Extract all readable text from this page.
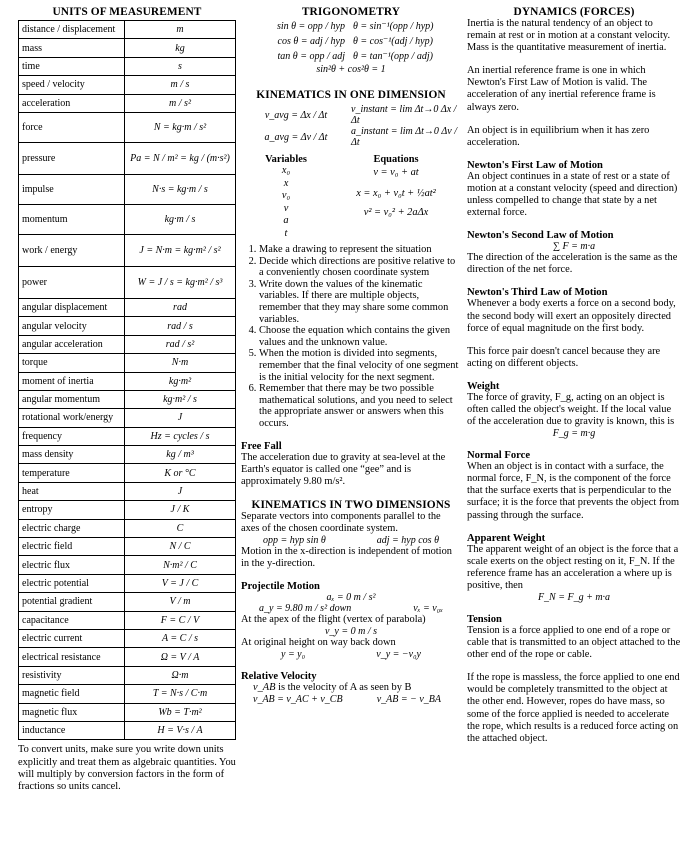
UNITS OF MEASUREMENT
distance / displacement	m
mass	kg
time	s
speed / velocity	m / s
acceleration	m / s²
force	N = kg·m / s²
pressure	Pa = N / m² = kg / (m·s²)
impulse	N·s = kg·m / s
momentum	kg·m / s
work / energy	J = N·m = kg·m² / s²
power	W = J / s = kg·m² / s³
angular displacement	rad
angular velocity	rad / s
angular acceleration	rad / s²
torque	N·m
moment of inertia	kg·m²
angular momentum	kg·m² / s
rotational work/energy	J
frequency	Hz = cycles / s
mass density	kg / m³
temperature	K or °C
heat	J
entropy	J / K
electric charge	C
electric field	N / C
electric flux	N·m² / C
electric potential	V = J / C
potential gradient	V / m
capacitance	F = C / V
electric current	A = C / s
electrical resistance	Ω = V / A
resistivity	Ω·m
magnetic field	T = N·s / C·m
magnetic flux	Wb = T·m²
inductance	H = V·s / A

To convert units, make sure you write down units explicitly and treat them as algebraic quantities. You will multiply by conversion factors in the form of fractions so units cancel.

TRIGONOMETRY
sin θ = opp / hyp θ = sin⁻¹(opp / hyp)
cos θ = adj / hyp θ = cos⁻¹(adj / hyp)
tan θ = opp / adj θ = tan⁻¹(opp / adj)
sin²θ + cos²θ = 1
KINEMATICS IN ONE DIMENSION
v_avg = Δx / Δt	v_instant = lim Δt→0 Δx / Δt
a_avg = Δv / Δt	a_instant = lim Δt→0 Δv / Δt
Variables	Equations
x₀
x
v₀
v
a
t
v = v₀ + at
x = x₀ + v₀t + ½at²
v² = v₀² + 2aΔx
1. Make a drawing to represent the situation
2. Decide which directions are positive relative to a conveniently chosen coordinate system
3. Write down the values of the kinematic variables. If there are multiple objects, remember that they may share some common variables.
4. Choose the equation which contains the given values and the unknown value.
5. When the motion is divided into segments, remember that the final velocity of one segment is the initial velocity for the next segment.
6. Remember that there may be two possible mathematical solutions, and you need to select the appropriate answer or answers when this occurs.
Free Fall

The acceleration due to gravity at sea-level at the Earth's equator is called one “gee” and is approximately 9.80 m/s².

KINEMATICS IN TWO DIMENSIONS

Separate vectors into components parallel to the axes of the chosen coordinate system.

opp = hyp sin θ	adj = hyp cos θ

Motion in the x-direction is independent of motion in the y-direction.

Projectile Motion
aₓ = 0 m / s²
a_y = 9.80 m / s² down	vₓ = v₀ₓ

At the apex of the flight (vertex of parabola)

v_y = 0 m / s

At original height on way back down

y = y₀	v_y = −v₀y
Relative Velocity

v_AB is the velocity of A as seen by B

v_AB = v_AC + v_CB	v_AB = − v_BA
DYNAMICS (FORCES)

Inertia is the natural tendency of an object to remain at rest or in motion at a constant velocity. Mass is the quantitative measurement of inertia.

An inertial reference frame is one in which Newton's First Law of Motion is valid. The acceleration of any inertial reference frame is always zero.

An object is in equilibrium when it has zero acceleration.

Newton's First Law of Motion

An object continues in a state of rest or a state of motion at a constant velocity (speed and direction) unless compelled to change that state by a net external force.

Newton's Second Law of Motion
∑ F = m·a

The direction of the acceleration is the same as the direction of the net force.

Newton's Third Law of Motion

Whenever a body exerts a force on a second body, the second body will exert an oppositely directed force of equal magnitude on the first body.

This force pair doesn't cancel because they are acting on different objects.

Weight

The force of gravity, F_g, acting on an object is often called the object's weight. If the local value of the acceleration due to gravity is known, this is

F_g = m·g
Normal Force

When an object is in contact with a surface, the normal force, F_N, is the component of the force that the surface exerts that is perpendicular to the surface; it is the force that prevents the object from passing through the surface.

Apparent Weight

The apparent weight of an object is the force that a scale exerts on the object resting on it, F_N. If the reference frame has an acceleration a where up is positive, then

F_N = F_g + m·a
Tension

Tension is a force applied to one end of a rope or cable that is transmitted to an object attached to the other end of the rope or cable.

If the rope is massless, the force applied to one end would be completely transmitted to the object at the other end. However, ropes do have mass, so some of the force applied is needed to accelerate the rope, which results is a reduced force acting on the attached object.
